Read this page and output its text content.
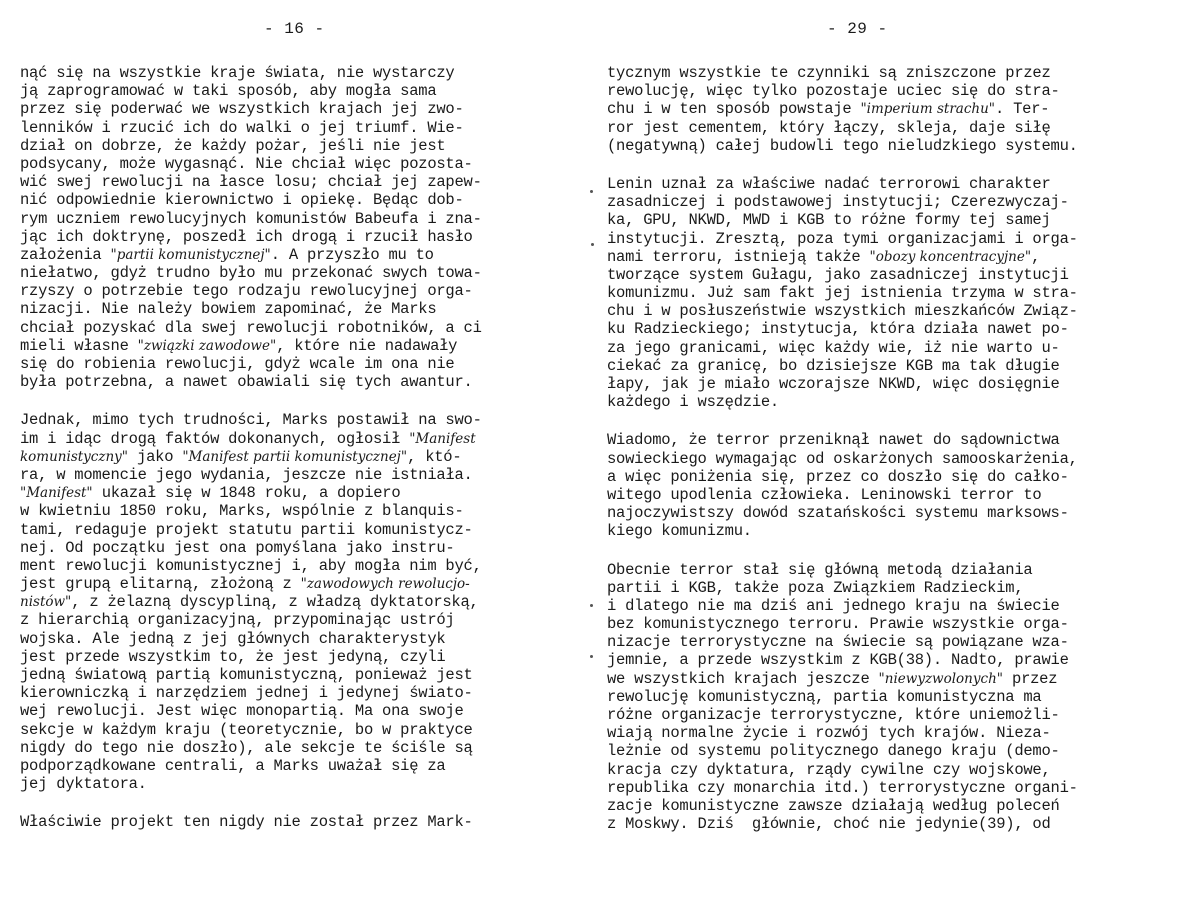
- 16 -
nąć się na wszystkie kraje świata, nie wystarczy
ją zaprogramować w taki sposób, aby mogła sama
przez się poderwać we wszystkich krajach jej zwo-
lenników i rzucić ich do walki o jej triumf. Wie-
dział on dobrze, że każdy pożar, jeśli nie jest
podsycany, może wygasnąć. Nie chciał więc pozosta-
wić swej rewolucji na łasce losu; chciał jej zapew-
nić odpowiednie kierownictwo i opiekę. Będąc dob-
rym uczniem rewolucyjnych komunistów Babeufa i zna-
jąc ich doktrynę, poszedł ich drogą i rzucił hasło
założenia "partii komunistycznej". A przyszło mu to
niełatwo, gdyż trudno było mu przekonać swych towa-
rzyszy o potrzebie tego rodzaju rewolucyjnej orga-
nizacji. Nie należy bowiem zapominać, że Marks
chciał pozyskać dla swej rewolucji robotników, a ci
mieli własne "związki zawodowe", które nie nadawały
się do robienia rewolucji, gdyż wcale im ona nie
była potrzebna, a nawet obawiali się tych awantur.
Jednak, mimo tych trudności, Marks postawił na swo-
im i idąc drogą faktów dokonanych, ogłosił "Manifest
komunistyczny" jako "Manifest partii komunistycznej", któ-
ra, w momencie jego wydania, jeszcze nie istniała.
"Manifest" ukazał się w 1848 roku, a dopiero
w kwietniu 1850 roku, Marks, wspólnie z blanquis-
tami, redaguje projekt statutu partii komunistycz-
nej. Od początku jest ona pomyślana jako instru-
ment rewolucji komunistycznej i, aby mogła nim być,
jest grupą elitarną, złożoną z "zawodowych rewolucjo-
nistów", z żelazną dyscypliną, z władzą dyktatorską,
z hierarchią organizacyjną, przypominając ustrój
wojska. Ale jedną z jej głównych charakterystyk
jest przede wszystkim to, że jest jedyną, czyli
jedną światową partią komunistyczną, ponieważ jest
kierowniczką i narzędziem jednej i jedynej świato-
wej rewolucji. Jest więc monopartią. Ma ona swoje
sekcje w każdym kraju (teoretycznie, bo w praktyce
nigdy do tego nie doszło), ale sekcje te ściśle są
podporządkowane centrali, a Marks uważał się za
jej dyktatora.
Właściwie projekt ten nigdy nie został przez Mark-
- 29 -
tycznym wszystkie te czynniki są zniszczone przez
rewolucję, więc tylko pozostaje uciec się do stra-
chu i w ten sposób powstaje "imperium strachu". Ter-
ror jest cementem, który łączy, skleja, daje siłę
(negatywną) całej budowli tego nieludzkiego systemu.
Lenin uznał za właściwe nadać terrorowi charakter
zasadniczej i podstawowej instytucji; Czerezwyczaj-
ka, GPU, NKWD, MWD i KGB to różne formy tej samej
instytucji. Zresztą, poza tymi organizacjami i orga-
nami terroru, istnieją także "obozy koncentracyjne",
tworzące system Gułagu, jako zasadniczej instytucji
komunizmu. Już sam fakt jej istnienia trzyma w stra-
chu i w posłuszeństwie wszystkich mieszkańców Związ-
ku Radzieckiego; instytucja, która działa nawet po-
za jego granicami, więc każdy wie, iż nie warto u-
ciekać za granicę, bo dzisiejsze KGB ma tak długie
łapy, jak je miało wczorajsze NKWD, więc dosięgnie
każdego i wszędzie.
Wiadomo, że terror przeniknął nawet do sądownictwa
sowieckiego wymagając od oskarżonych samooskarżenia,
a więc poniżenia się, przez co doszło się do całko-
witego upodlenia człowieka. Leninowski terror to
najoczywistszy dowód szatańskości systemu marksows-
kiego komunizmu.
Obecnie terror stał się główną metodą działania
partii i KGB, także poza Związkiem Radzieckim,
i dlatego nie ma dziś ani jednego kraju na świecie
bez komunistycznego terroru. Prawie wszystkie orga-
nizacje terrorystyczne na świecie są powiązane wza-
jemnie, a przede wszystkim z KGB(38). Nadto, prawie
we wszystkich krajach jeszcze "niewyzwolonych" przez
rewolucję komunistyczną, partia komunistyczna ma
różne organizacje terrorystyczne, które uniemożli-
wiają normalne życie i rozwój tych krajów. Nieza-
leżnie od systemu politycznego danego kraju (demo-
kracja czy dyktatura, rządy cywilne czy wojskowe,
republika czy monarchia itd.) terrorystyczne organi-
zacje komunistyczne zawsze działają według poleceń
z Moskwy. Dziś  głównie, choć nie jedynie(39), od
